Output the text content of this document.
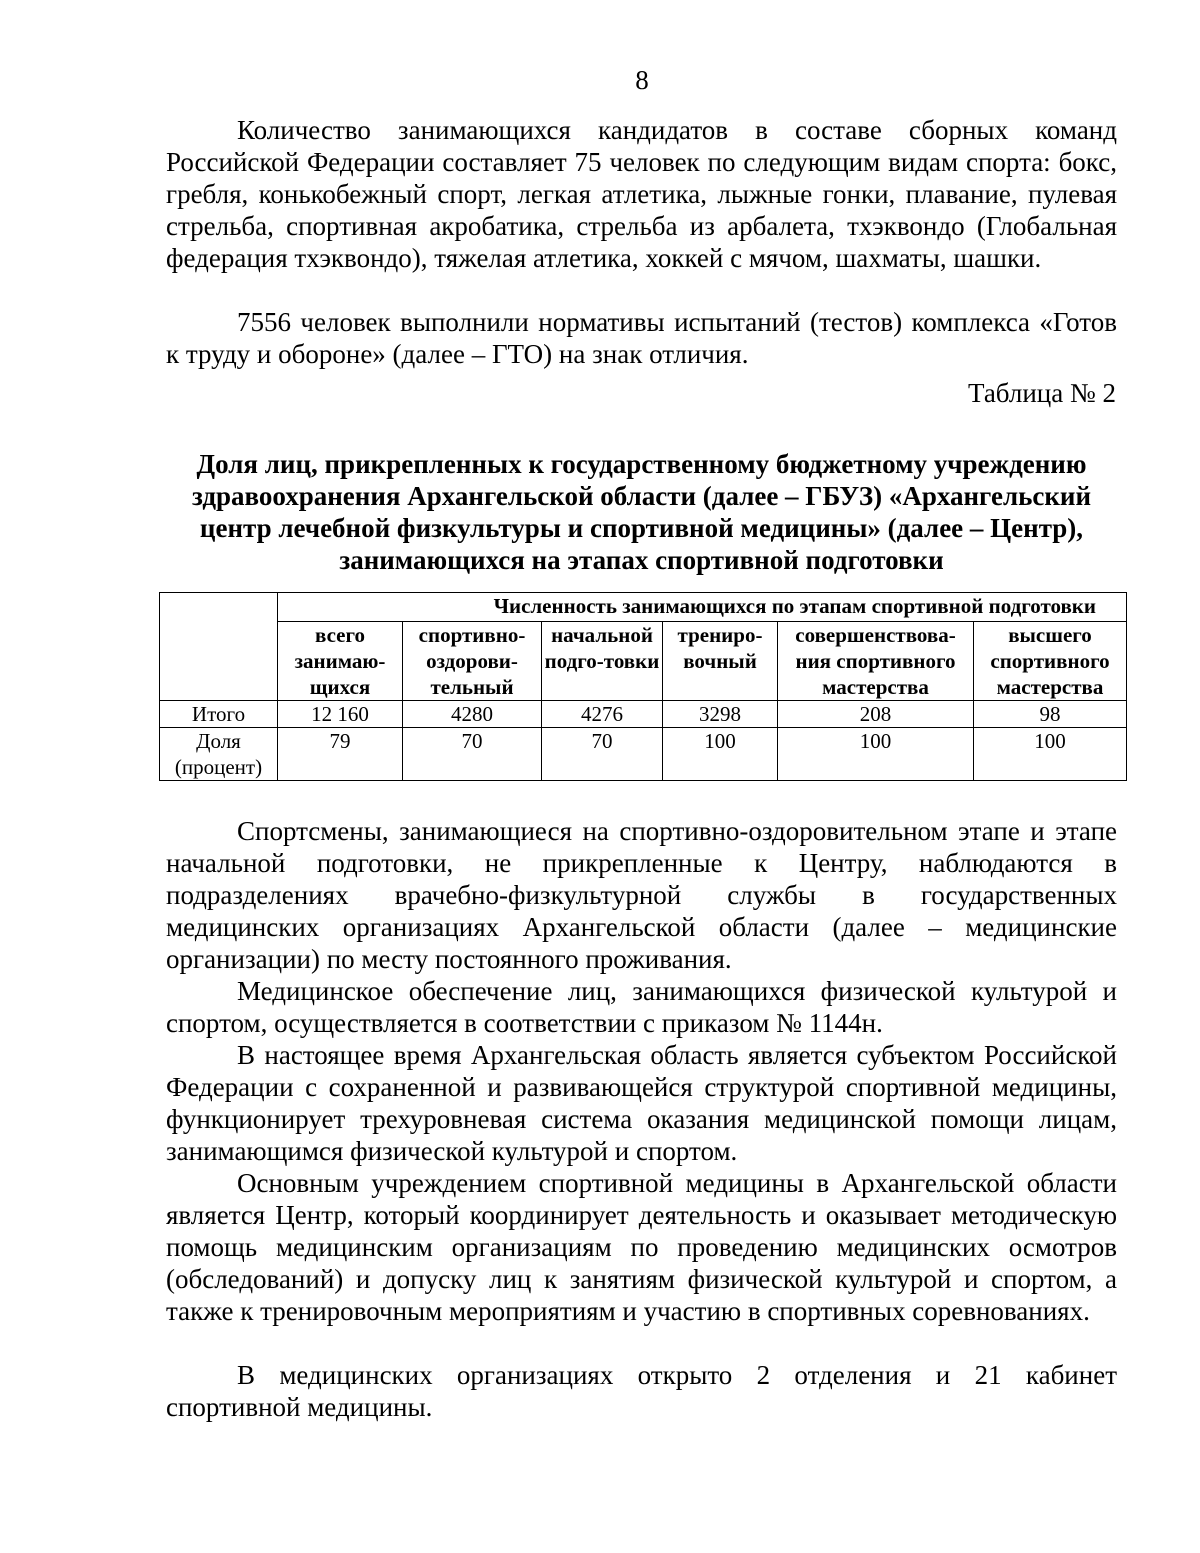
8

Количество занимающихся кандидатов в составе сборных команд Российской Федерации составляет 75 человек по следующим видам спорта: бокс, гребля, конькобежный спорт, легкая атлетика, лыжные гонки, плавание, пулевая стрельба, спортивная акробатика, стрельба из арбалета, тхэквондо (Глобальная федерация тхэквондо), тяжелая атлетика, хоккей с мячом, шахматы, шашки.

7556 человек выполнили нормативы испытаний (тестов) комплекса «Готов к труду и обороне» (далее – ГТО) на знак отличия.

Таблица № 2

Доля лиц, прикрепленных к государственному бюджетному учреждению здравоохранения Архангельской области (далее – ГБУЗ) «Архангельский центр лечебной физкультуры и спортивной медицины» (далее – Центр), занимающихся на этапах спортивной подготовки

	Численность занимающихся по этапам спортивной подготовки					
	всего занимаю-щихся	спортивно-оздорови-тельный	начальной подго-товки	трениро-вочный	совершенствова-ния спортивного мастерства	высшего спортивного мастерства
Итого	12 160	4280	4276	3298	208	98
Доля (процент)	79	70	70	100	100	100

Спортсмены, занимающиеся на спортивно-оздоровительном этапе и этапе начальной подготовки, не прикрепленные к Центру, наблюдаются в подразделениях врачебно-физкультурной службы в государственных медицинских организациях Архангельской области (далее – медицинские организации) по месту постоянного проживания.

Медицинское обеспечение лиц, занимающихся физической культурой и спортом, осуществляется в соответствии с приказом № 1144н.

В настоящее время Архангельская область является субъектом Российской Федерации с сохраненной и развивающейся структурой спортивной медицины, функционирует трехуровневая система оказания медицинской помощи лицам, занимающимся физической культурой и спортом.

Основным учреждением спортивной медицины в Архангельской области является Центр, который координирует деятельность и оказывает методическую помощь медицинским организациям по проведению медицинских осмотров (обследований) и допуску лиц к занятиям физической культурой и спортом, а также к тренировочным мероприятиям и участию в спортивных соревнованиях.

В медицинских организациях открыто 2 отделения и 21 кабинет спортивной медицины.
